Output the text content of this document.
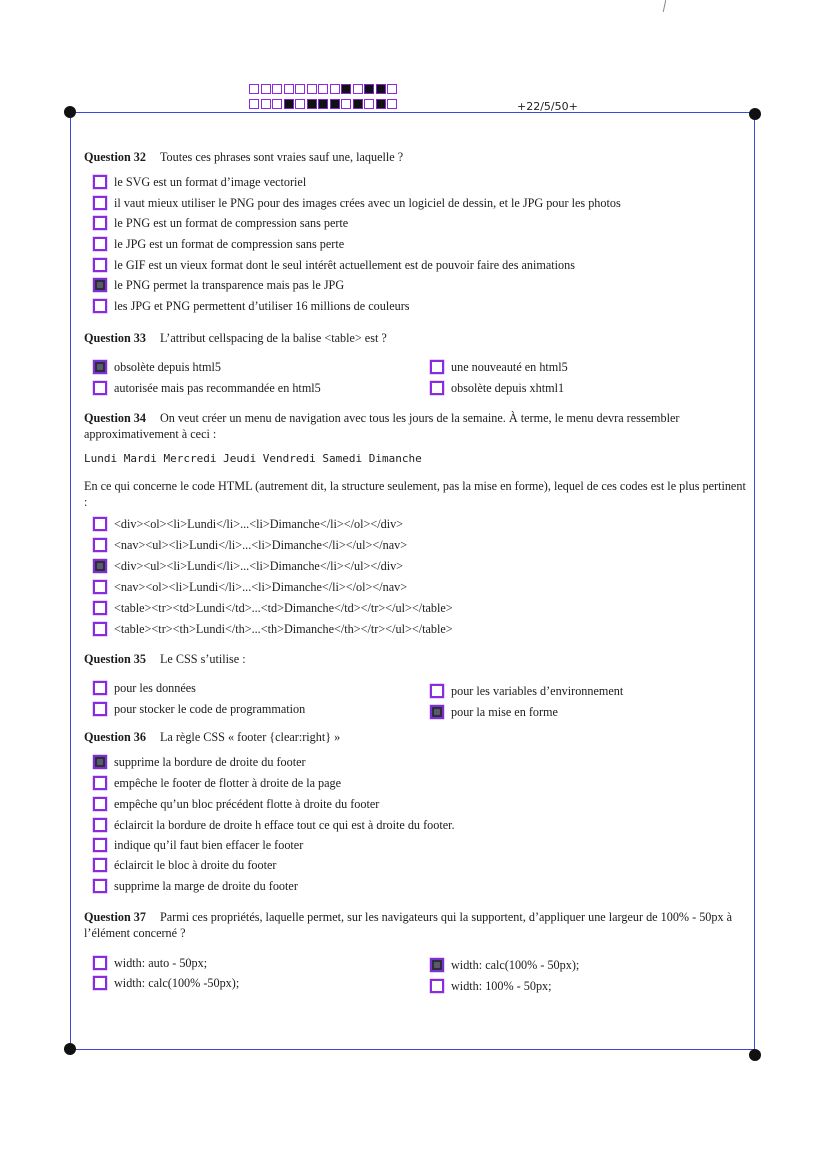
+22/5/50+
Question 32 Toutes ces phrases sont vraies sauf une, laquelle ?
le SVG est un format d’image vectoriel
il vaut mieux utiliser le PNG pour des images crées avec un logiciel de dessin, et le JPG pour les photos
le PNG est un format de compression sans perte
le JPG est un format de compression sans perte
le GIF est un vieux format dont le seul intérêt actuellement est de pouvoir faire des animations
le PNG permet la transparence mais pas le JPG
les JPG et PNG permettent d’utiliser 16 millions de couleurs
Question 33 L’attribut cellspacing de la balise <table> est ?
obsolète depuis html5	une nouveauté en html5
autorisée mais pas recommandée en html5	obsolète depuis xhtml1
Question 34 On veut créer un menu de navigation avec tous les jours de la semaine. À terme, le menu devra ressembler approximativement à ceci :
Lundi Mardi Mercredi Jeudi Vendredi Samedi Dimanche
En ce qui concerne le code HTML (autrement dit, la structure seulement, pas la mise en forme), lequel de ces codes est le plus pertinent :
<div><ol><li>Lundi</li>...<li>Dimanche</li></ol></div>
<nav><ul><li>Lundi</li>...<li>Dimanche</li></ul></nav>
<div><ul><li>Lundi</li>...<li>Dimanche</li></ul></div>
<nav><ol><li>Lundi</li>...<li>Dimanche</li></ol></nav>
<table><tr><td>Lundi</td>...<td>Dimanche</td></tr></ul></table>
<table><tr><th>Lundi</th>...<th>Dimanche</th></tr></ul></table>
Question 35 Le CSS s’utilise :
pour les données	pour les variables d’environnement
pour stocker le code de programmation	pour la mise en forme
Question 36 La règle CSS « footer {clear:right} »
supprime la bordure de droite du footer
empêche le footer de flotter à droite de la page
empêche qu’un bloc précédent flotte à droite du footer
éclaircit la bordure de droite h efface tout ce qui est à droite du footer.
indique qu’il faut bien effacer le footer
éclaircit le bloc à droite du footer
supprime la marge de droite du footer
Question 37 Parmi ces propriétés, laquelle permet, sur les navigateurs qui la supportent, d’appliquer une largeur de 100% - 50px à l’élément concerné ?
width: auto - 50px;	width: calc(100% - 50px);
width: calc(100% -50px);	width: 100% - 50px;
